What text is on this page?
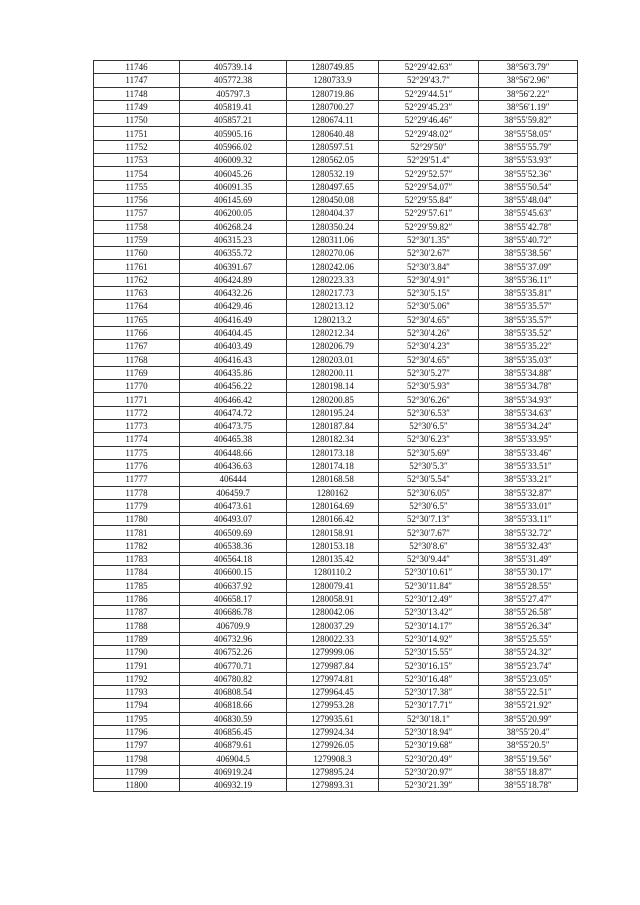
11746	405739.14	1280749.85	52°29′42.63″	38°56′3.79″
11747	405772.38	1280733.9	52°29′43.7″	38°56′2.96″
11748	405797.3	1280719.86	52°29′44.51″	38°56′2.22″
11749	405819.41	1280700.27	52°29′45.23″	38°56′1.19″
11750	405857.21	1280674.11	52°29′46.46″	38°55′59.82″
11751	405905.16	1280640.48	52°29′48.02″	38°55′58.05″
11752	405966.02	1280597.51	52°29′50″	38°55′55.79″
11753	406009.32	1280562.05	52°29′51.4″	38°55′53.93″
11754	406045.26	1280532.19	52°29′52.57″	38°55′52.36″
11755	406091.35	1280497.65	52°29′54.07″	38°55′50.54″
11756	406145.69	1280450.08	52°29′55.84″	38°55′48.04″
11757	406200.05	1280404.37	52°29′57.61″	38°55′45.63″
11758	406268.24	1280350.24	52°29′59.82″	38°55′42.78″
11759	406315.23	1280311.06	52°30′1.35″	38°55′40.72″
11760	406355.72	1280270.06	52°30′2.67″	38°55′38.56″
11761	406391.67	1280242.06	52°30′3.84″	38°55′37.09″
11762	406424.89	1280223.33	52°30′4.91″	38°55′36.11″
11763	406432.26	1280217.73	52°30′5.15″	38°55′35.81″
11764	406429.46	1280213.12	52°30′5.06″	38°55′35.57″
11765	406416.49	1280213.2	52°30′4.65″	38°55′35.57″
11766	406404.45	1280212.34	52°30′4.26″	38°55′35.52″
11767	406403.49	1280206.79	52°30′4.23″	38°55′35.22″
11768	406416.43	1280203.01	52°30′4.65″	38°55′35.03″
11769	406435.86	1280200.11	52°30′5.27″	38°55′34.88″
11770	406456.22	1280198.14	52°30′5.93″	38°55′34.78″
11771	406466.42	1280200.85	52°30′6.26″	38°55′34.93″
11772	406474.72	1280195.24	52°30′6.53″	38°55′34.63″
11773	406473.75	1280187.84	52°30′6.5″	38°55′34.24″
11774	406465.38	1280182.34	52°30′6.23″	38°55′33.95″
11775	406448.66	1280173.18	52°30′5.69″	38°55′33.46″
11776	406436.63	1280174.18	52°30′5.3″	38°55′33.51″
11777	406444	1280168.58	52°30′5.54″	38°55′33.21″
11778	406459.7	1280162	52°30′6.05″	38°55′32.87″
11779	406473.61	1280164.69	52°30′6.5″	38°55′33.01″
11780	406493.07	1280166.42	52°30′7.13″	38°55′33.11″
11781	406509.69	1280158.91	52°30′7.67″	38°55′32.72″
11782	406538.36	1280153.18	52°30′8.6″	38°55′32.43″
11783	406564.18	1280135.42	52°30′9.44″	38°55′31.49″
11784	406600.15	1280110.2	52°30′10.61″	38°55′30.17″
11785	406637.92	1280079.41	52°30′11.84″	38°55′28.55″
11786	406658.17	1280058.91	52°30′12.49″	38°55′27.47″
11787	406686.78	1280042.06	52°30′13.42″	38°55′26.58″
11788	406709.9	1280037.29	52°30′14.17″	38°55′26.34″
11789	406732.96	1280022.33	52°30′14.92″	38°55′25.55″
11790	406752.26	1279999.06	52°30′15.55″	38°55′24.32″
11791	406770.71	1279987.84	52°30′16.15″	38°55′23.74″
11792	406780.82	1279974.81	52°30′16.48″	38°55′23.05″
11793	406808.54	1279964.45	52°30′17.38″	38°55′22.51″
11794	406818.66	1279953.28	52°30′17.71″	38°55′21.92″
11795	406830.59	1279935.61	52°30′18.1″	38°55′20.99″
11796	406856.45	1279924.34	52°30′18.94″	38°55′20.4″
11797	406879.61	1279926.05	52°30′19.68″	38°55′20.5″
11798	406904.5	1279908.3	52°30′20.49″	38°55′19.56″
11799	406919.24	1279895.24	52°30′20.97″	38°55′18.87″
11800	406932.19	1279893.31	52°30′21.39″	38°55′18.78″
